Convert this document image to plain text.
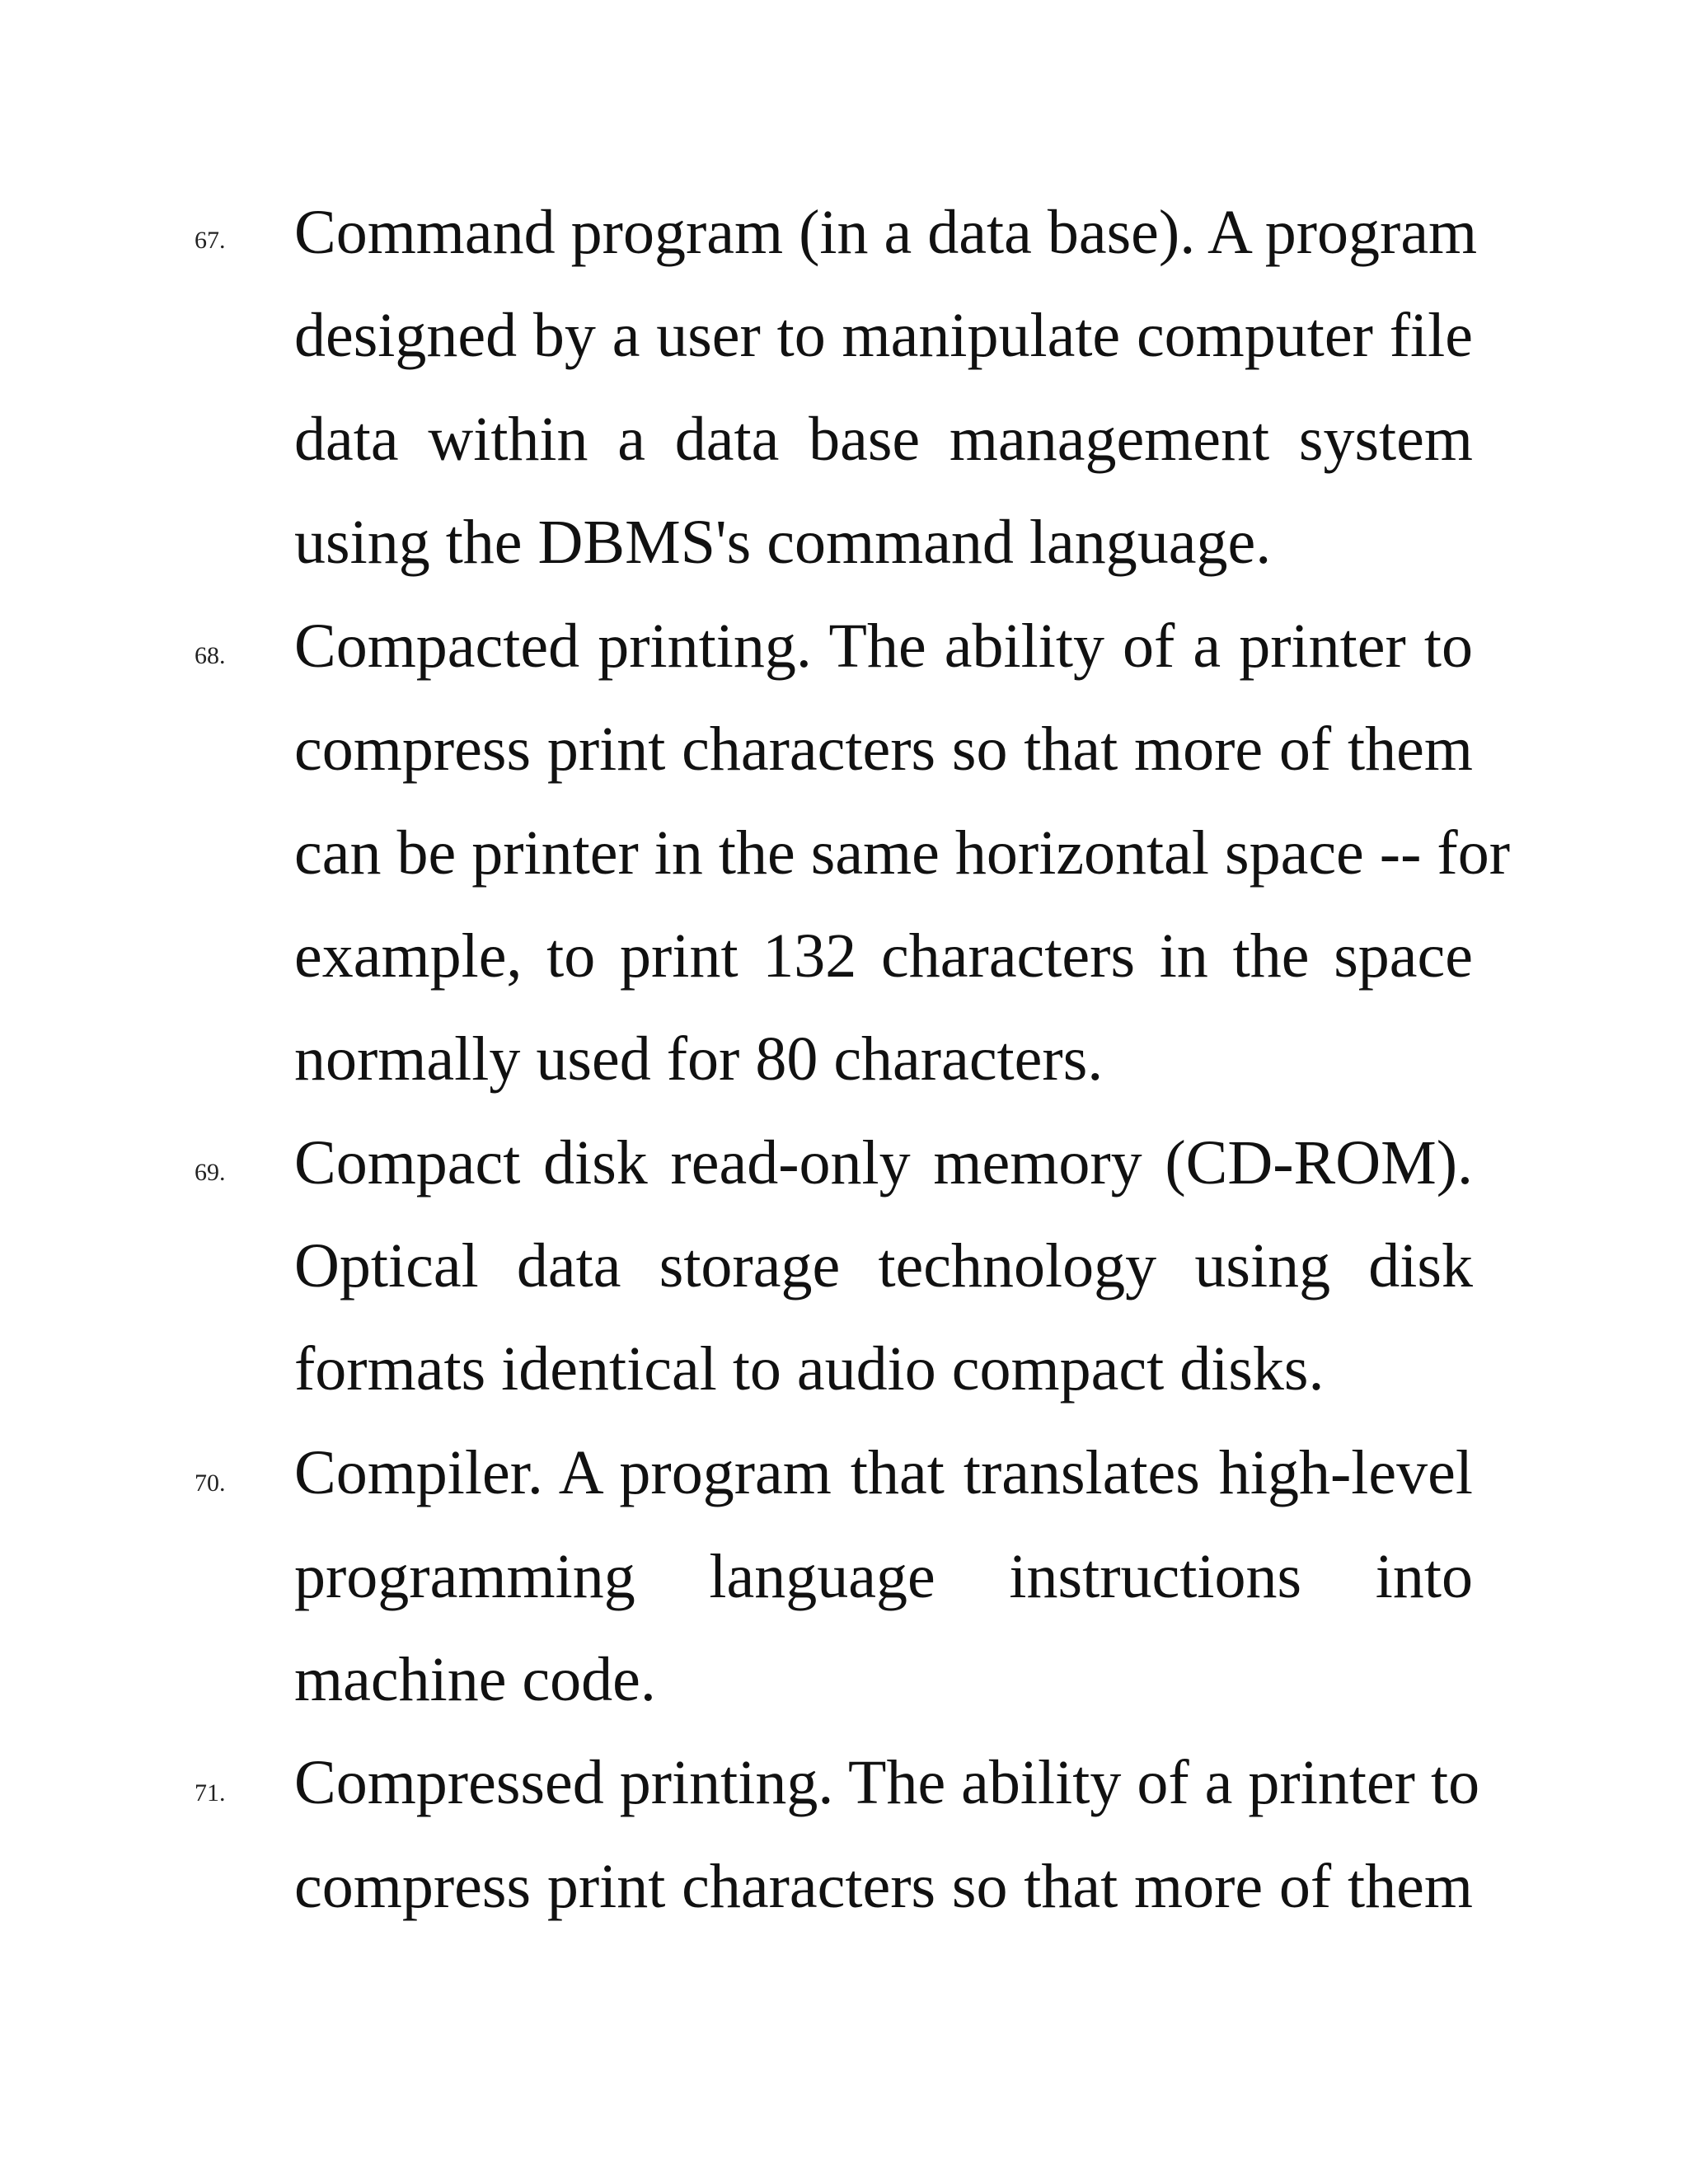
67. Command program (in a data base). A program
designed by a user to manipulate computer file
data within a data base management system
using the DBMS's command language.
68. Compacted printing. The ability of a printer to
compress print characters so that more of them
can be printer in the same horizontal space -- for
example, to print 132 characters in the space
normally used for 80 characters.
69. Compact disk read-only memory (CD-ROM).
Optical data storage technology using disk
formats identical to audio compact disks.
70. Compiler. A program that translates high-level
programming language instructions into
machine code.
71. Compressed printing. The ability of a printer to
compress print characters so that more of them
